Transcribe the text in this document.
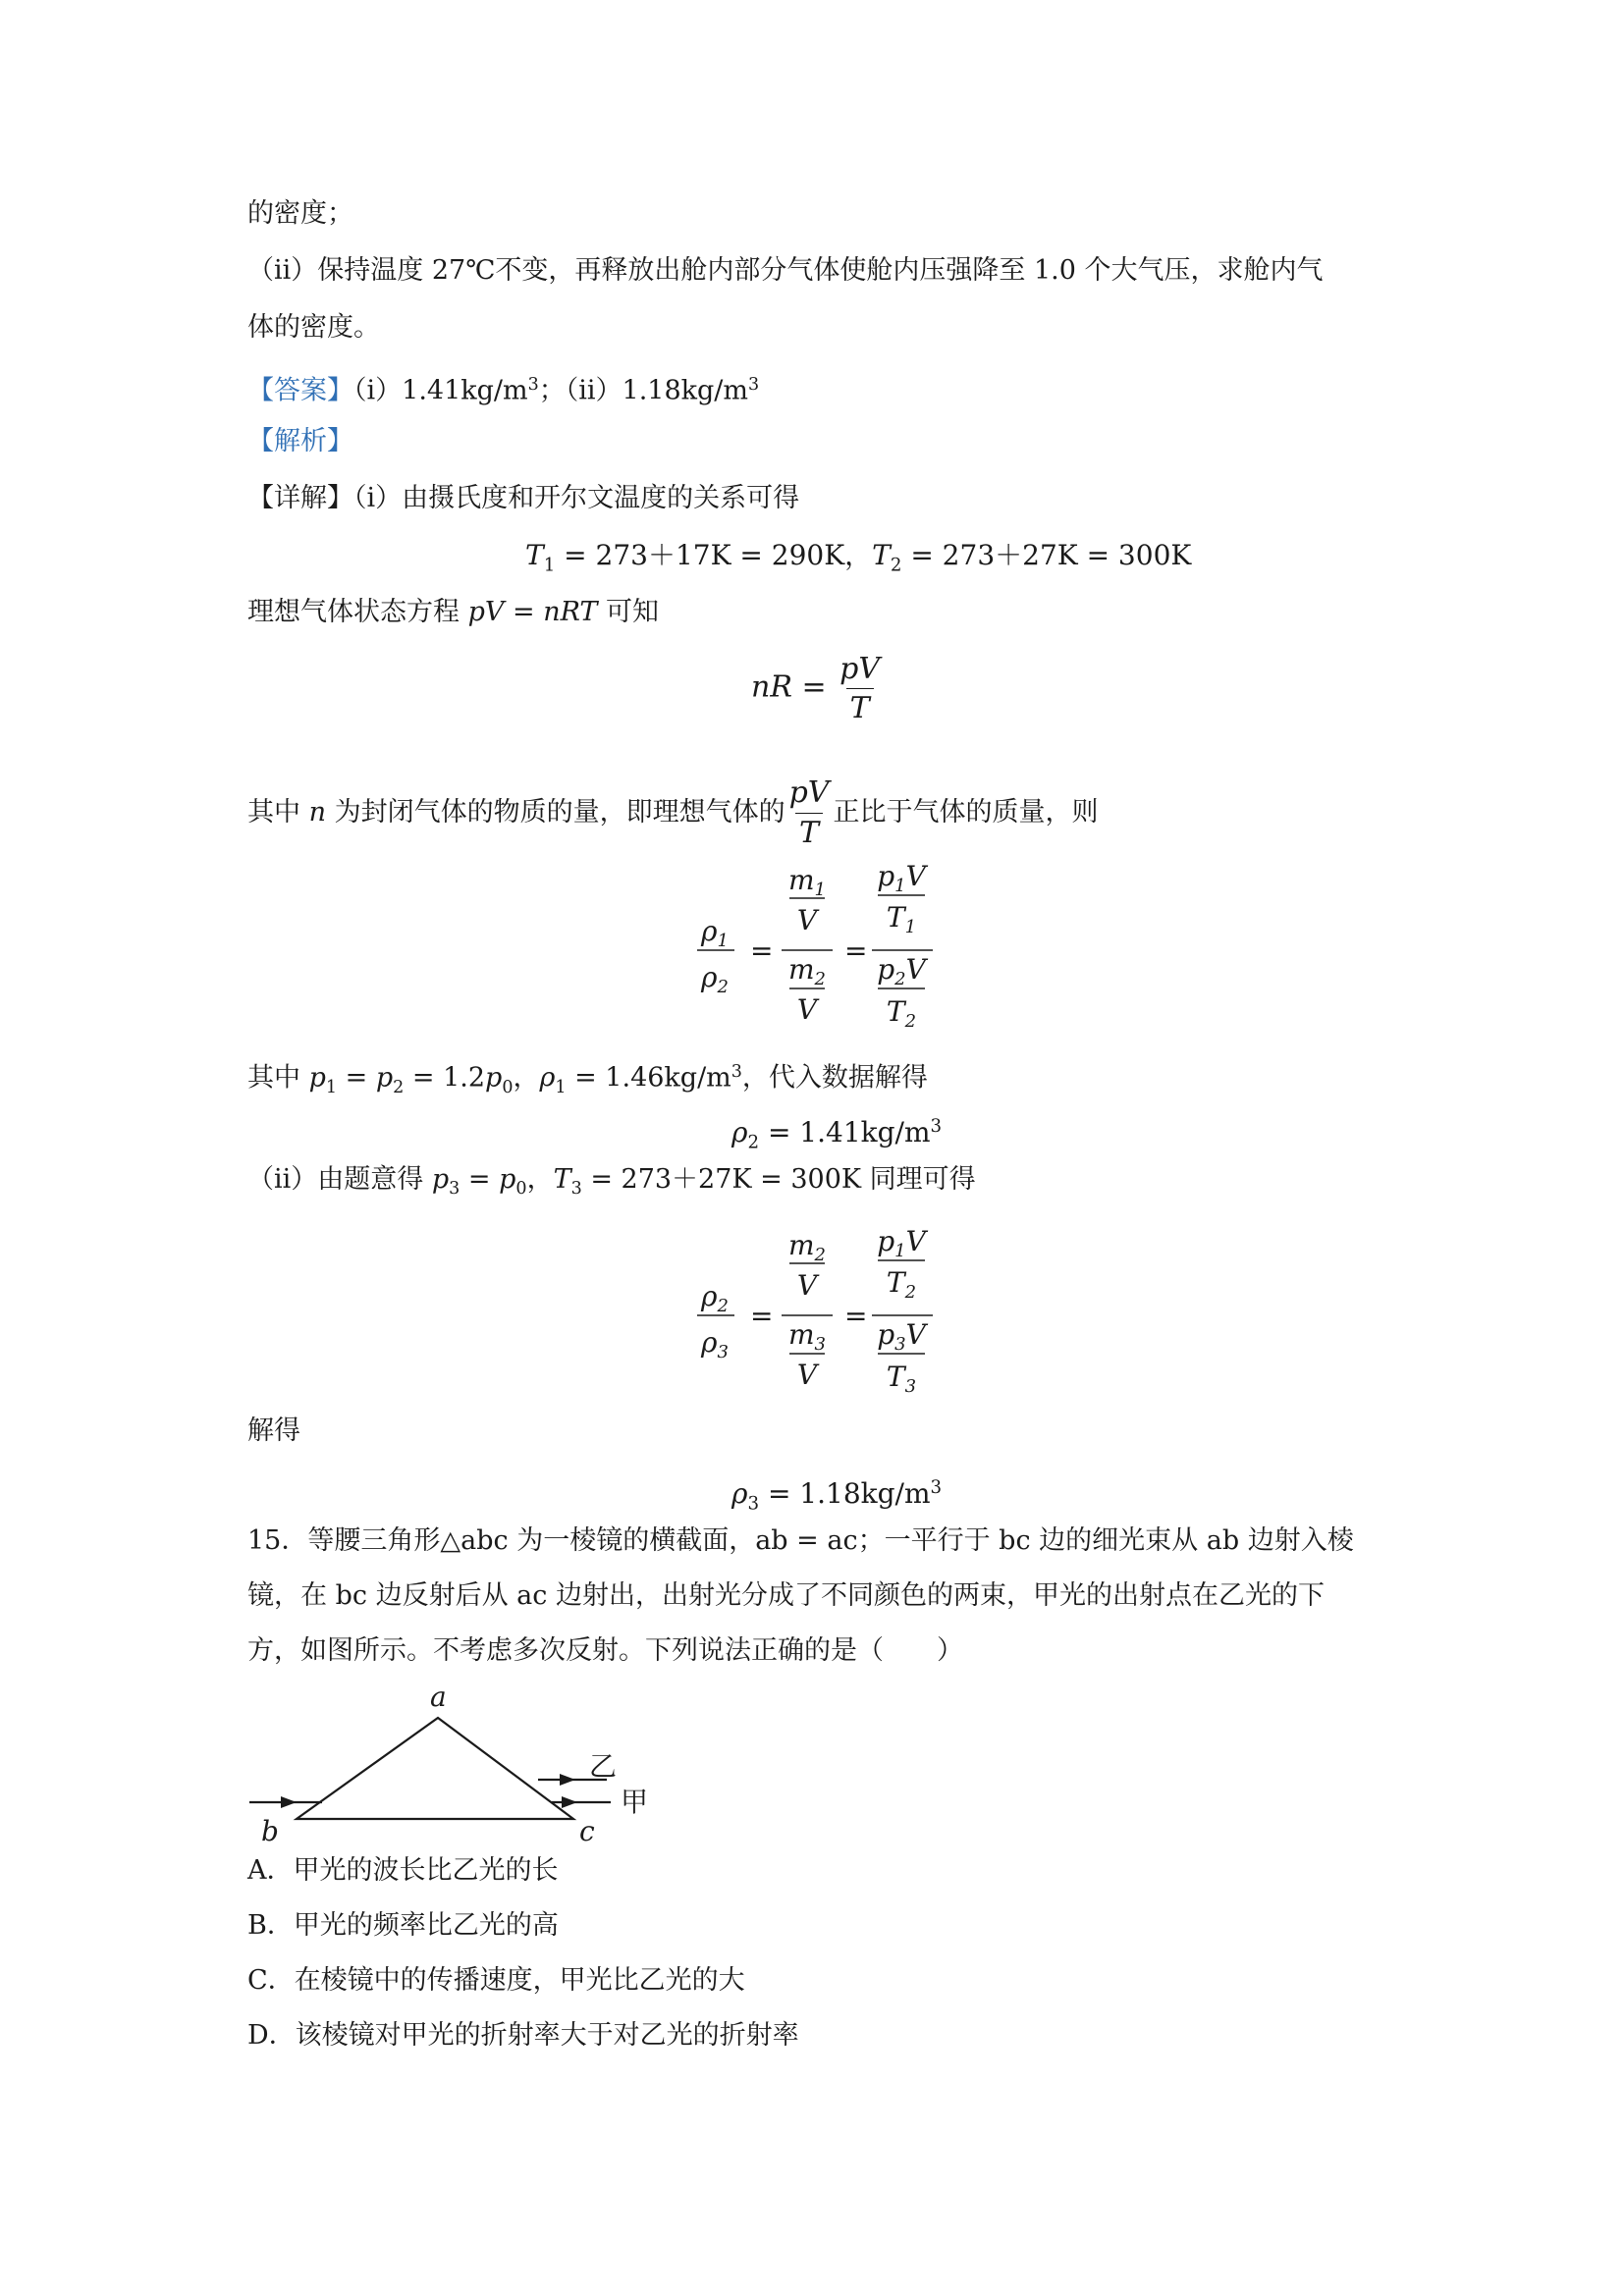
的密度；
（ii）保持温度 27℃不变，再释放出舱内部分气体使舱内压强降至 1.0 个大气压，求舱内气
体的密度。
【答案】$(i)1.41kg/m^3$；$(ii)1.18kg/m^3$
【解析】
【详解】（i）由摄氏度和开尔文温度的关系可得
$T_1 = 273+17K = 290K$，$T_2 = 273+27K = 300K$
理想气体状态方程 pV = nRT 可知
nR = $\frac{pV}{T}$
其中 n 为封闭气体的物质的量，即理想气体的 $\frac{pV}{T}$ 正比于气体的质量，则
$\rho_1$
$\rho_2$
=
$m_1$
V
$m_2$
V
=
$p_1V$
$T_1$
$p_2V$
$T_2$
其中 $p_1 = p_2 = 1.2p_0$，$\rho_1 = 1.46kg/m^3$，代入数据解得
$\rho_2 = 1.41kg/m^3$
（ii）由题意得 $p_3 = p_0$，$T_3 = 273+27K = 300K$ 同理可得
$\rho_2$
$\rho_3$
=
$m_2$
V
$m_3$
V
=
$p_1V$
$T_2$
$p_3V$
$T_3$
解得
$\rho_3 = 1.18kg/m^3$
15．等腰三角形△abc 为一棱镜的横截面，ab = ac；一平行于 bc 边的细光束从 ab 边射入棱
镜，在 bc 边反射后从 ac 边射出，出射光分成了不同颜色的两束，甲光的出射点在乙光的下
方，如图所示。不考虑多次反射。下列说法正确的是（　　）
a
b	c
乙
甲
A．甲光的波长比乙光的长
B．甲光的频率比乙光的高
C．在棱镜中的传播速度，甲光比乙光的大
D．该棱镜对甲光的折射率大于对乙光的折射率
